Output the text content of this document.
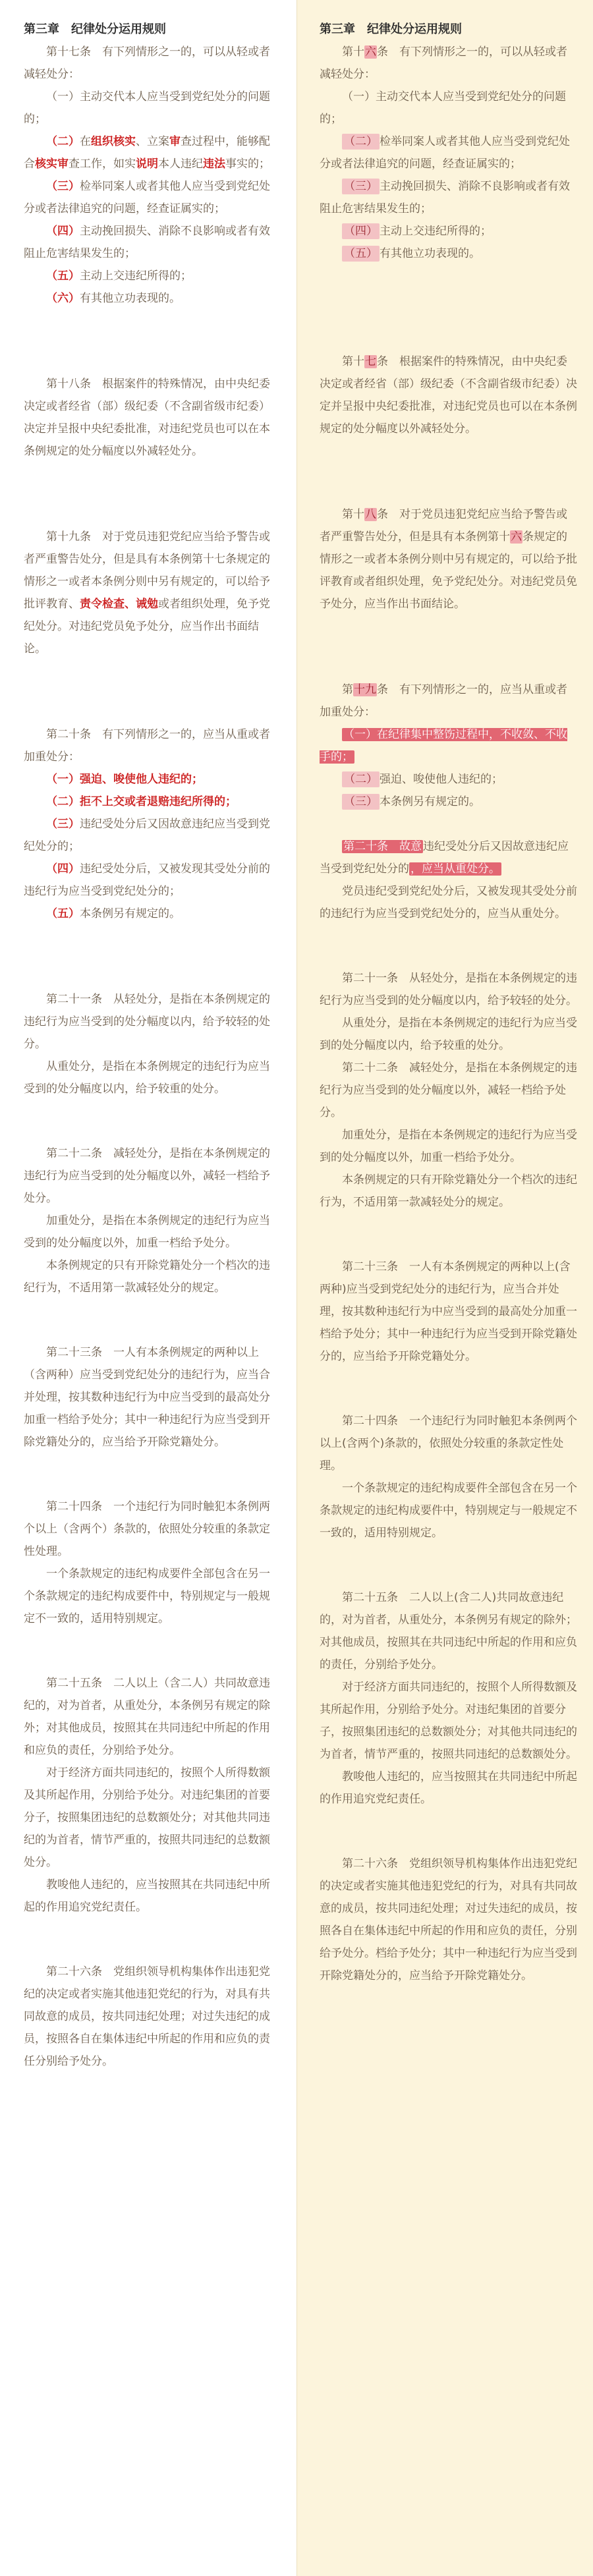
第三章　纪律处分运用规则

第十七条　有下列情形之一的，可以从轻或者减轻处分：

（一）主动交代本人应当受到党纪处分的问题的；

（二）在组织核实、立案审查过程中，能够配合核实审查工作，如实说明本人违纪违法事实的；

（三）检举同案人或者其他人应当受到党纪处分或者法律追究的问题，经查证属实的；

（四）主动挽回损失、消除不良影响或者有效阻止危害结果发生的；

（五）主动上交违纪所得的；

（六）有其他立功表现的。

第十八条　根据案件的特殊情况，由中央纪委决定或者经省（部）级纪委（不含副省级市纪委）决定并呈报中央纪委批准，对违纪党员也可以在本条例规定的处分幅度以外减轻处分。

第十九条　对于党员违犯党纪应当给予警告或者严重警告处分，但是具有本条例第十七条规定的情形之一或者本条例分则中另有规定的，可以给予批评教育、责令检查、诫勉或者组织处理，免予党纪处分。对违纪党员免予处分，应当作出书面结论。

第二十条　有下列情形之一的，应当从重或者加重处分：

（一）强迫、唆使他人违纪的；

（二）拒不上交或者退赔违纪所得的；

（三）违纪受处分后又因故意违纪应当受到党纪处分的；

（四）违纪受处分后，又被发现其受处分前的违纪行为应当受到党纪处分的；

（五）本条例另有规定的。

第二十一条　从轻处分，是指在本条例规定的违纪行为应当受到的处分幅度以内，给予较轻的处分。

从重处分，是指在本条例规定的违纪行为应当受到的处分幅度以内，给予较重的处分。

第二十二条　减轻处分，是指在本条例规定的违纪行为应当受到的处分幅度以外，减轻一档给予处分。

加重处分，是指在本条例规定的违纪行为应当受到的处分幅度以外，加重一档给予处分。

本条例规定的只有开除党籍处分一个档次的违纪行为，不适用第一款减轻处分的规定。

第二十三条　一人有本条例规定的两种以上（含两种）应当受到党纪处分的违纪行为，应当合并处理，按其数种违纪行为中应当受到的最高处分加重一档给予处分；其中一种违纪行为应当受到开除党籍处分的，应当给予开除党籍处分。

第二十四条　一个违纪行为同时触犯本条例两个以上（含两个）条款的，依照处分较重的条款定性处理。

一个条款规定的违纪构成要件全部包含在另一个条款规定的违纪构成要件中，特别规定与一般规定不一致的，适用特别规定。

第二十五条　二人以上（含二人）共同故意违纪的，对为首者，从重处分，本条例另有规定的除外；对其他成员，按照其在共同违纪中所起的作用和应负的责任，分别给予处分。

对于经济方面共同违纪的，按照个人所得数额及其所起作用，分别给予处分。对违纪集团的首要分子，按照集团违纪的总数额处分；对其他共同违纪的为首者，情节严重的，按照共同违纪的总数额处分。

教唆他人违纪的，应当按照其在共同违纪中所起的作用追究党纪责任。

第二十六条　党组织领导机构集体作出违犯党纪的决定或者实施其他违犯党纪的行为，对具有共同故意的成员，按共同违纪处理；对过失违纪的成员，按照各自在集体违纪中所起的作用和应负的责任分别给予处分。

第三章　纪律处分运用规则

第十六条　有下列情形之一的，可以从轻或者减轻处分：

（一）主动交代本人应当受到党纪处分的问题的；

（二） 检举同案人或者其他人应当受到党纪处分或者法律追究的问题，经查证属实的；

（三） 主动挽回损失、消除不良影响或者有效阻止危害结果发生的；

（四） 主动上交违纪所得的；

（五） 有其他立功表现的。

第十七条　根据案件的特殊情况，由中央纪委决定或者经省（部）级纪委（不含副省级市纪委）决定并呈报中央纪委批准，对违纪党员也可以在本条例规定的处分幅度以外减轻处分。

第十八条　对于党员违犯党纪应当给予警告或者严重警告处分，但是具有本条例第十六条规定的情形之一或者本条例分则中另有规定的，可以给予批评教育或者组织处理，免予党纪处分。对违纪党员免予处分，应当作出书面结论。

第十九条　有下列情形之一的，应当从重或者加重处分：

（一）在纪律集中整饬过程中，不收敛、不收手的；

（二） 强迫、唆使他人违纪的；

（三） 本条例另有规定的。

第二十条　故意 违纪受处分后又因故意违纪应当受到党纪处分的 ，应当从重处分。

党员违纪受到党纪处分后，又被发现其受处分前的违纪行为应当受到党纪处分的，应当从重处分。

第二十一条　从轻处分，是指在本条例规定的违纪行为应当受到的处分幅度以内，给予较轻的处分。

从重处分，是指在本条例规定的违纪行为应当受到的处分幅度以内，给予较重的处分。

第二十二条　减轻处分，是指在本条例规定的违纪行为应当受到的处分幅度以外，减轻一档给予处分。

加重处分，是指在本条例规定的违纪行为应当受到的处分幅度以外，加重一档给予处分。

本条例规定的只有开除党籍处分一个档次的违纪行为，不适用第一款减轻处分的规定。

第二十三条　一人有本条例规定的两种以上(含两种)应当受到党纪处分的违纪行为，应当合并处理，按其数种违纪行为中应当受到的最高处分加重一档给予处分；其中一种违纪行为应当受到开除党籍处分的，应当给予开除党籍处分。

第二十四条　一个违纪行为同时触犯本条例两个以上(含两个)条款的，依照处分较重的条款定性处理。

一个条款规定的违纪构成要件全部包含在另一个条款规定的违纪构成要件中，特别规定与一般规定不一致的，适用特别规定。

第二十五条　二人以上(含二人)共同故意违纪的，对为首者，从重处分，本条例另有规定的除外；对其他成员，按照其在共同违纪中所起的作用和应负的责任，分别给予处分。

对于经济方面共同违纪的，按照个人所得数额及其所起作用，分别给予处分。对违纪集团的首要分子，按照集团违纪的总数额处分；对其他共同违纪的为首者，情节严重的，按照共同违纪的总数额处分。

教唆他人违纪的，应当按照其在共同违纪中所起的作用追究党纪责任。

第二十六条　党组织领导机构集体作出违犯党纪的决定或者实施其他违犯党纪的行为，对具有共同故意的成员，按共同违纪处理；对过失违纪的成员，按照各自在集体违纪中所起的作用和应负的责任，分别给予处分。档给予处分；其中一种违纪行为应当受到开除党籍处分的，应当给予开除党籍处分。
